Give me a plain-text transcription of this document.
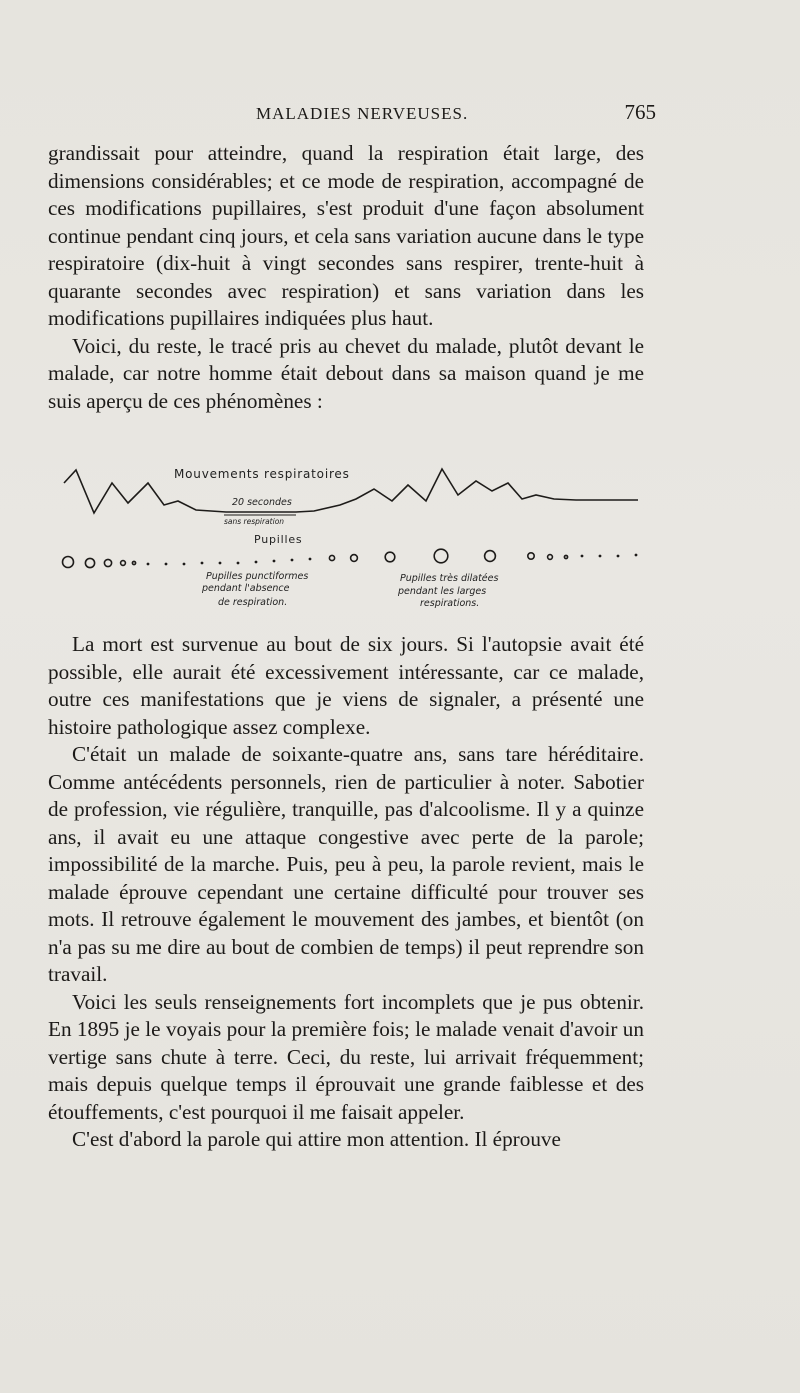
MALADIES NERVEUSES.	765

grandissait pour atteindre, quand la respiration était large, des dimensions considérables; et ce mode de respiration, accompagné de ces modifications pupillaires, s'est produit d'une façon absolument continue pendant cinq jours, et cela sans variation aucune dans le type respiratoire (dix-huit à vingt secondes sans respirer, trente-huit à quarante secondes avec respiration) et sans variation dans les modifications pupillaires indiquées plus haut.

Voici, du reste, le tracé pris au chevet du malade, plutôt devant le malade, car notre homme était debout dans sa maison quand je me suis aperçu de ces phénomènes :

Mouvements respiratoires
20 secondes
sans respiration
Pupilles
Pupilles punctiformes
pendant l'absence
de respiration.
Pupilles très dilatées
pendant les larges
respirations.

La mort est survenue au bout de six jours. Si l'autopsie avait été possible, elle aurait été excessivement intéressante, car ce malade, outre ces manifestations que je viens de signaler, a présenté une histoire pathologique assez complexe.

C'était un malade de soixante-quatre ans, sans tare héréditaire. Comme antécédents personnels, rien de particulier à noter. Sabotier de profession, vie régulière, tranquille, pas d'alcoolisme. Il y a quinze ans, il avait eu une attaque congestive avec perte de la parole; impossibilité de la marche. Puis, peu à peu, la parole revient, mais le malade éprouve cependant une certaine difficulté pour trouver ses mots. Il retrouve également le mouvement des jambes, et bientôt (on n'a pas su me dire au bout de combien de temps) il peut reprendre son travail.

Voici les seuls renseignements fort incomplets que je pus obtenir. En 1895 je le voyais pour la première fois; le malade venait d'avoir un vertige sans chute à terre. Ceci, du reste, lui arrivait fréquemment; mais depuis quelque temps il éprouvait une grande faiblesse et des étouffements, c'est pourquoi il me faisait appeler.

C'est d'abord la parole qui attire mon attention. Il éprouve
